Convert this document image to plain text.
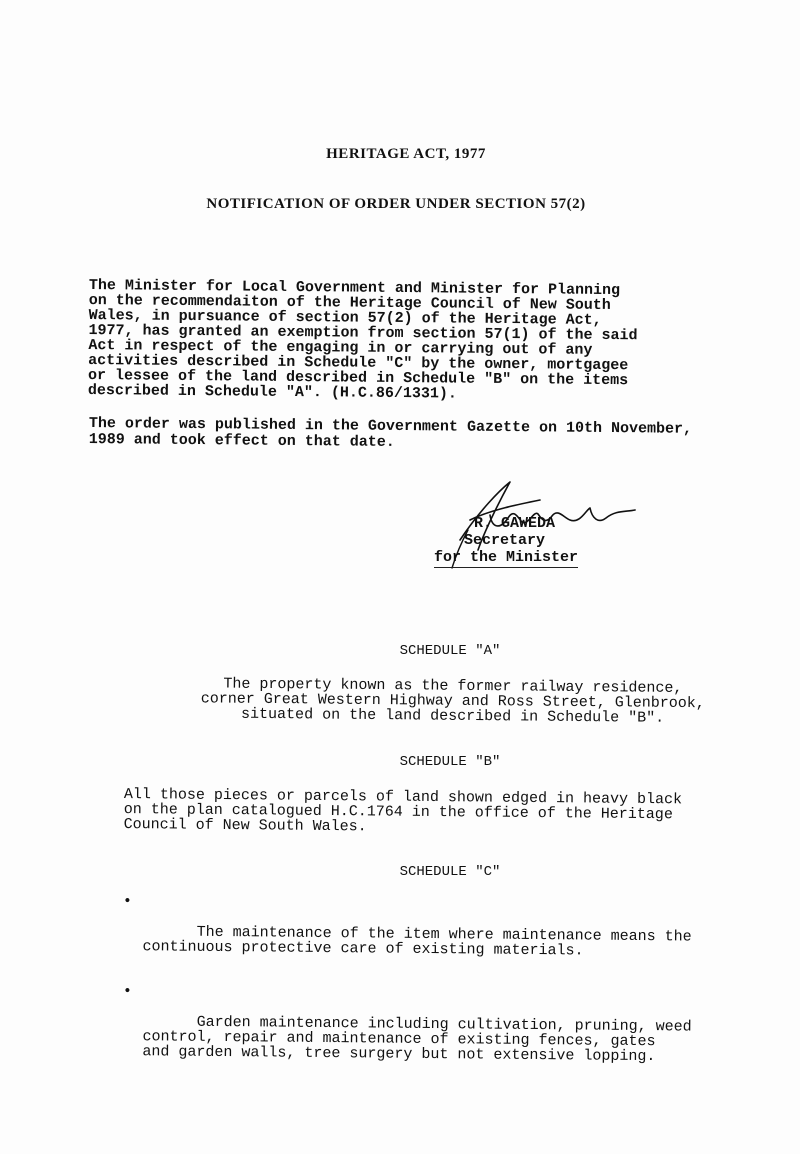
HERITAGE ACT, 1977
NOTIFICATION OF ORDER UNDER SECTION 57(2)
The Minister for Local Government and Minister for Planning
on the recommendaiton of the Heritage Council of New South
Wales, in pursuance of section 57(2) of the Heritage Act,
1977, has granted an exemption from section 57(1) of the said
Act in respect of the engaging in or carrying out of any
activities described in Schedule "C" by the owner, mortgagee
or lessee of the land described in Schedule "B" on the items
described in Schedule "A". (H.C.86/1331).
The order was published in the Government Gazette on 10th November,
1989 and took effect on that date.
R. GAWEDA
Secretary
for the Minister
SCHEDULE "A"
The property known as the former railway residence,
corner Great Western Highway and Ross Street, Glenbrook,
situated on the land described in Schedule "B".
SCHEDULE "B"
All those pieces or parcels of land shown edged in heavy black
on the plan catalogued H.C.1764 in the office of the Heritage
Council of New South Wales.
SCHEDULE "C"

•

The maintenance of the item where maintenance means the
continuous protective care of existing materials.

•

Garden maintenance including cultivation, pruning, weed
control, repair and maintenance of existing fences, gates
and garden walls, tree surgery but not extensive lopping.
